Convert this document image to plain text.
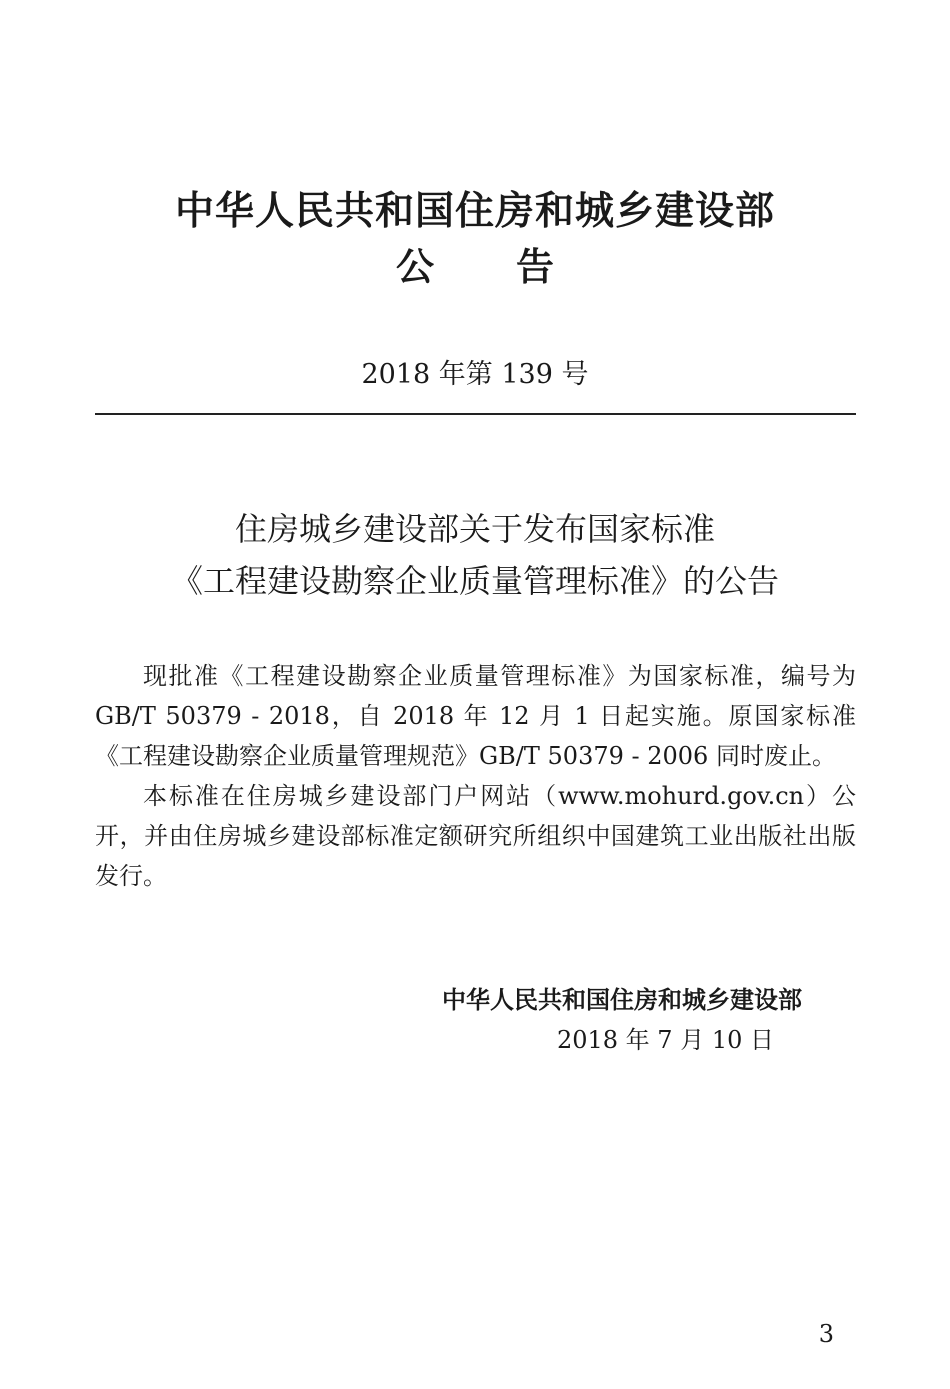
中华人民共和国住房和城乡建设部
公告
2018 年第 139 号
住房城乡建设部关于发布国家标准
《工程建设勘察企业质量管理标准》的公告

现批准《工程建设勘察企业质量管理标准》为国家标准，编号为 GB/T 50379 - 2018，自 2018 年 12 月 1 日起实施。原国家标准《工程建设勘察企业质量管理规范》GB/T 50379 - 2006 同时废止。

本标准在住房城乡建设部门户网站（www.mohurd.gov.cn）公开，并由住房城乡建设部标准定额研究所组织中国建筑工业出版社出版发行。

中华人民共和国住房和城乡建设部
2018 年 7 月 10 日
3
